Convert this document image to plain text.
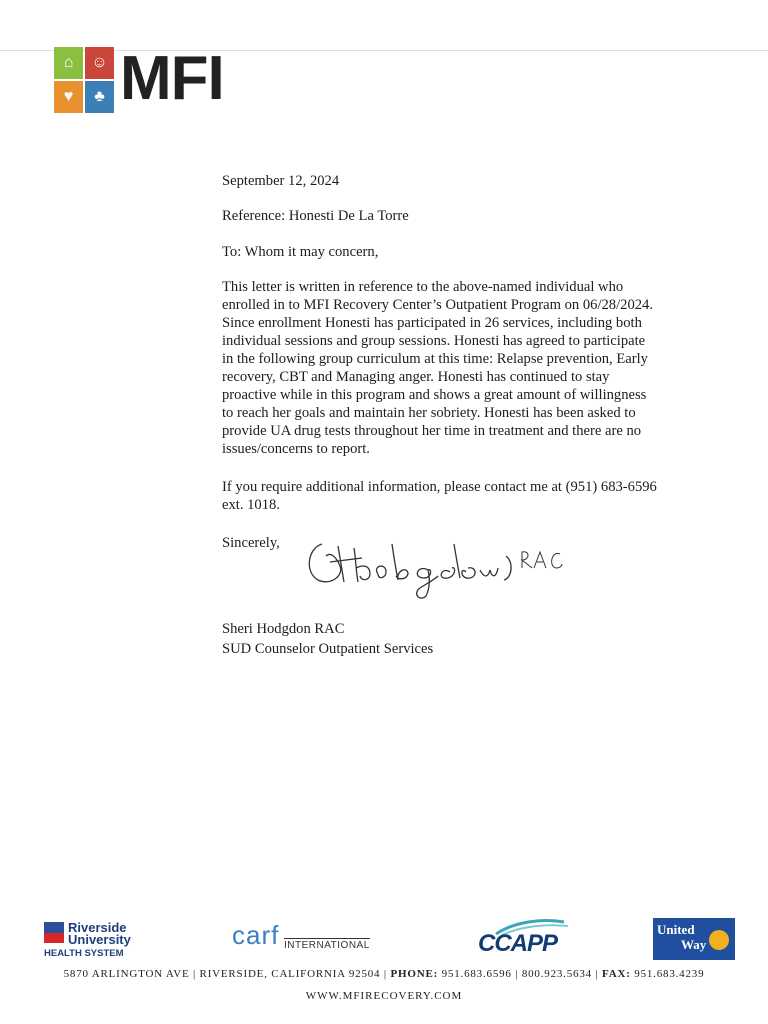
⌂	☺
♥	♣ MFI
September 12, 2024
Reference: Honesti De La Torre
To: Whom it may concern,
This letter is written in reference to the above-named individual who
enrolled in to MFI Recovery Center’s Outpatient Program on 06/28/2024.
Since enrollment Honesti has participated in 26 services, including both
individual sessions and group sessions. Honesti has agreed to participate
in the following group curriculum at this time: Relapse prevention, Early
recovery, CBT and Managing anger. Honesti has continued to stay
proactive while in this program and shows a great amount of willingness
to reach her goals and maintain her sobriety. Honesti has been asked to
provide UA drug tests throughout her time in treatment and there are no
issues/concerns to report.
If you require additional information, please contact me at (951) 683-6596
ext. 1018.
Sincerely,
Sheri Hodgdon RAC
SUD Counselor Outpatient Services
Riverside
University
HEALTH SYSTEM
carf INTERNATIONAL	CCAPP
United
Way
5870 ARLINGTON AVE | RIVERSIDE, CALIFORNIA 92504 | PHONE: 951.683.6596 | 800.923.5634 | FAX: 951.683.4239
WWW.MFIRECOVERY.COM
